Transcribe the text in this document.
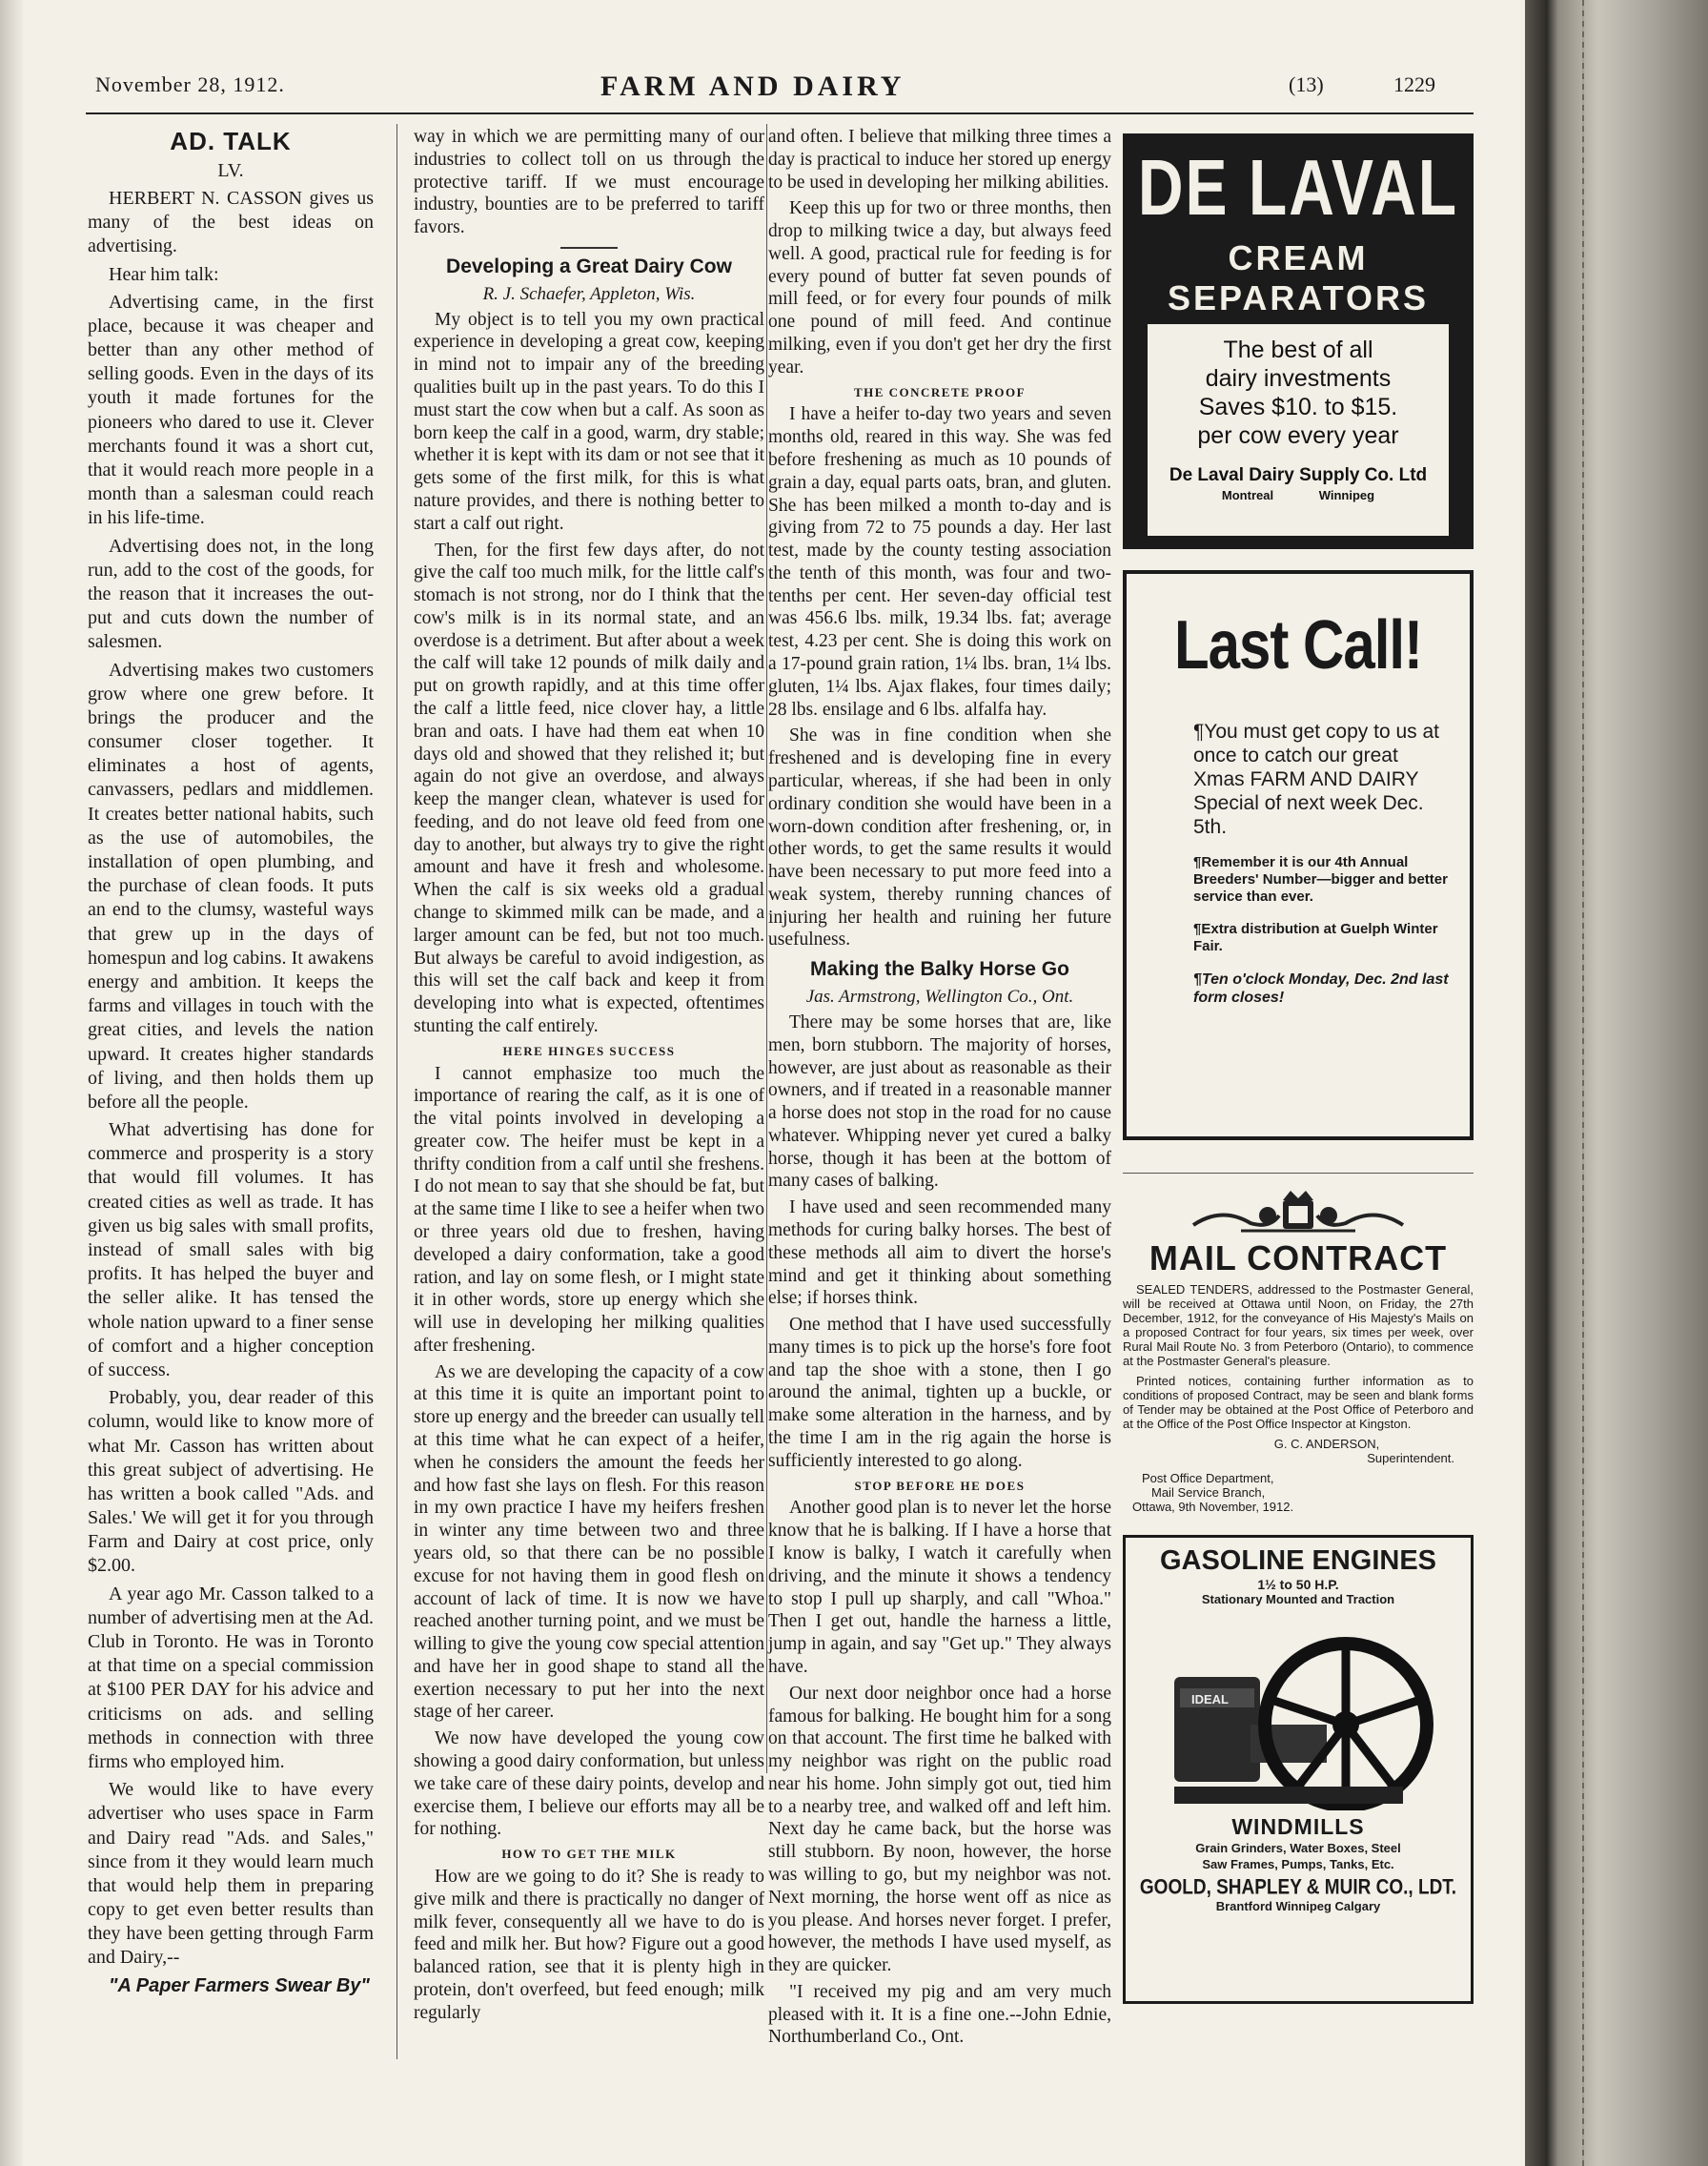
November 28, 1912.	FARM AND DAIRY	(13)	1229
AD. TALK
LV.

HERBERT N. CASSON gives us many of the best ideas on advertising.

Hear him talk:

Advertising came, in the first place, because it was cheaper and better than any other method of selling goods. Even in the days of its youth it made fortunes for the pioneers who dared to use it. Clever merchants found it was a short cut, that it would reach more people in a month than a salesman could reach in his life-time.

Advertising does not, in the long run, add to the cost of the goods, for the reason that it increases the out-put and cuts down the number of salesmen.

Advertising makes two customers grow where one grew before. It brings the producer and the consumer closer together. It eliminates a host of agents, canvassers, pedlars and middlemen. It creates better national habits, such as the use of automobiles, the installation of open plumbing, and the purchase of clean foods. It puts an end to the clumsy, wasteful ways that grew up in the days of homespun and log cabins. It awakens energy and ambition. It keeps the farms and villages in touch with the great cities, and levels the nation upward. It creates higher standards of living, and then holds them up before all the people.

What advertising has done for commerce and prosperity is a story that would fill volumes. It has created cities as well as trade. It has given us big sales with small profits, instead of small sales with big profits. It has helped the buyer and the seller alike. It has tensed the whole nation upward to a finer sense of comfort and a higher conception of success.

Probably, you, dear reader of this column, would like to know more of what Mr. Casson has written about this great subject of advertising. He has written a book called "Ads. and Sales.' We will get it for you through Farm and Dairy at cost price, only $2.00.

A year ago Mr. Casson talked to a number of advertising men at the Ad. Club in Toronto. He was in Toronto at that time on a special commission at $100 PER DAY for his advice and criticisms on ads. and selling methods in connection with three firms who employed him.

We would like to have every advertiser who uses space in Farm and Dairy read "Ads. and Sales," since from it they would learn much that would help them in preparing copy to get even better results than they have been getting through Farm and Dairy,--

"A Paper Farmers Swear By"

way in which we are permitting many of our industries to collect toll on us through the protective tariff. If we must encourage industry, bounties are to be preferred to tariff favors.

Developing a Great Dairy Cow
R. J. Schaefer, Appleton, Wis.

My object is to tell you my own practical experience in developing a great cow, keeping in mind not to impair any of the breeding qualities built up in the past years. To do this I must start the cow when but a calf. As soon as born keep the calf in a good, warm, dry stable; whether it is kept with its dam or not see that it gets some of the first milk, for this is what nature provides, and there is nothing better to start a calf out right.

Then, for the first few days after, do not give the calf too much milk, for the little calf's stomach is not strong, nor do I think that the cow's milk is in its normal state, and an overdose is a detriment. But after about a week the calf will take 12 pounds of milk daily and put on growth rapidly, and at this time offer the calf a little feed, nice clover hay, a little bran and oats. I have had them eat when 10 days old and showed that they relished it; but again do not give an overdose, and always keep the manger clean, whatever is used for feeding, and do not leave old feed from one day to another, but always try to give the right amount and have it fresh and wholesome. When the calf is six weeks old a gradual change to skimmed milk can be made, and a larger amount can be fed, but not too much. But always be careful to avoid indigestion, as this will set the calf back and keep it from developing into what is expected, oftentimes stunting the calf entirely.

HERE HINGES SUCCESS

I cannot emphasize too much the importance of rearing the calf, as it is one of the vital points involved in developing a greater cow. The heifer must be kept in a thrifty condition from a calf until she freshens. I do not mean to say that she should be fat, but at the same time I like to see a heifer when two or three years old due to freshen, having developed a dairy conformation, take a good ration, and lay on some flesh, or I might state it in other words, store up energy which she will use in developing her milking qualities after freshening.

As we are developing the capacity of a cow at this time it is quite an important point to store up energy and the breeder can usually tell at this time what he can expect of a heifer, when he considers the amount the feeds her and how fast she lays on flesh. For this reason in my own practice I have my heifers freshen in winter any time between two and three years old, so that there can be no possible excuse for not having them in good flesh on account of lack of time. It is now we have reached another turning point, and we must be willing to give the young cow special attention and have her in good shape to stand all the exertion necessary to put her into the next stage of her career.

We now have developed the young cow showing a good dairy conformation, but unless we take care of these dairy points, develop and exercise them, I believe our efforts may all be for nothing.

HOW TO GET THE MILK

How are we going to do it? She is ready to give milk and there is practically no danger of milk fever, consequently all we have to do is feed and milk her. But how? Figure out a good balanced ration, see that it is plenty high in protein, don't overfeed, but feed enough; milk regularly

and often. I believe that milking three times a day is practical to induce her stored up energy to be used in developing her milking abilities.

Keep this up for two or three months, then drop to milking twice a day, but always feed well. A good, practical rule for feeding is for every pound of butter fat seven pounds of mill feed, or for every four pounds of milk one pound of mill feed. And continue milking, even if you don't get her dry the first year.

THE CONCRETE PROOF

I have a heifer to-day two years and seven months old, reared in this way. She was fed before freshening as much as 10 pounds of grain a day, equal parts oats, bran, and gluten. She has been milked a month to-day and is giving from 72 to 75 pounds a day. Her last test, made by the county testing association the tenth of this month, was four and two-tenths per cent. Her seven-day official test was 456.6 lbs. milk, 19.34 lbs. fat; average test, 4.23 per cent. She is doing this work on a 17-pound grain ration, 1¼ lbs. bran, 1¼ lbs. gluten, 1¼ lbs. Ajax flakes, four times daily; 28 lbs. ensilage and 6 lbs. alfalfa hay.

She was in fine condition when she freshened and is developing fine in every particular, whereas, if she had been in only ordinary condition she would have been in a worn-down condition after freshening, or, in other words, to get the same results it would have been necessary to put more feed into a weak system, thereby running chances of injuring her health and ruining her future usefulness.

Making the Balky Horse Go
Jas. Armstrong, Wellington Co., Ont.

There may be some horses that are, like men, born stubborn. The majority of horses, however, are just about as reasonable as their owners, and if treated in a reasonable manner a horse does not stop in the road for no cause whatever. Whipping never yet cured a balky horse, though it has been at the bottom of many cases of balking.

I have used and seen recommended many methods for curing balky horses. The best of these methods all aim to divert the horse's mind and get it thinking about something else; if horses think.

One method that I have used successfully many times is to pick up the horse's fore foot and tap the shoe with a stone, then I go around the animal, tighten up a buckle, or make some alteration in the harness, and by the time I am in the rig again the horse is sufficiently interested to go along.

STOP BEFORE HE DOES

Another good plan is to never let the horse know that he is balking. If I have a horse that I know is balky, I watch it carefully when driving, and the minute it shows a tendency to stop I pull up sharply, and call "Whoa." Then I get out, handle the harness a little, jump in again, and say "Get up." They always have.

Our next door neighbor once had a horse famous for balking. He bought him for a song on that account. The first time he balked with my neighbor was right on the public road near his home. John simply got out, tied him to a nearby tree, and walked off and left him. Next day he came back, but the horse was still stubborn. By noon, however, the horse was willing to go, but my neighbor was not. Next morning, the horse went off as nice as you please. And horses never forget. I prefer, however, the methods I have used myself, as they are quicker.

"I received my pig and am very much pleased with it. It is a fine one.--John Ednie, Northumberland Co., Ont.

DE LAVAL
CREAM
SEPARATORS
The best of all
dairy investments
Saves $10. to $15.
per cow every year
De Laval Dairy Supply Co. Ltd
Montreal	Winnipeg
Last Call!
¶You must get copy to us at once to catch our great Xmas FARM AND DAIRY Special of next week Dec. 5th.
¶Remember it is our 4th Annual Breeders' Number—bigger and better service than ever.
¶Extra distribution at Guelph Winter Fair.
¶Ten o'clock Monday, Dec. 2nd last form closes!
MAIL CONTRACT

SEALED TENDERS, addressed to the Postmaster General, will be received at Ottawa until Noon, on Friday, the 27th December, 1912, for the conveyance of His Majesty's Mails on a proposed Contract for four years, six times per week, over Rural Mail Route No. 3 from Peterboro (Ontario), to commence at the Postmaster General's pleasure.

Printed notices, containing further information as to conditions of proposed Contract, may be seen and blank forms of Tender may be obtained at the Post Office of Peterboro and at the Office of the Post Office Inspector at Kingston.

G. C. ANDERSON,
Superintendent.
Post Office Department,
Mail Service Branch,
Ottawa, 9th November, 1912.
GASOLINE ENGINES
1½ to 50 H.P.
Stationary Mounted and Traction
IDEAL
WINDMILLS
Grain Grinders, Water Boxes, Steel
Saw Frames, Pumps, Tanks, Etc.
GOOLD, SHAPLEY & MUIR CO., LDT.
Brantford Winnipeg Calgary
